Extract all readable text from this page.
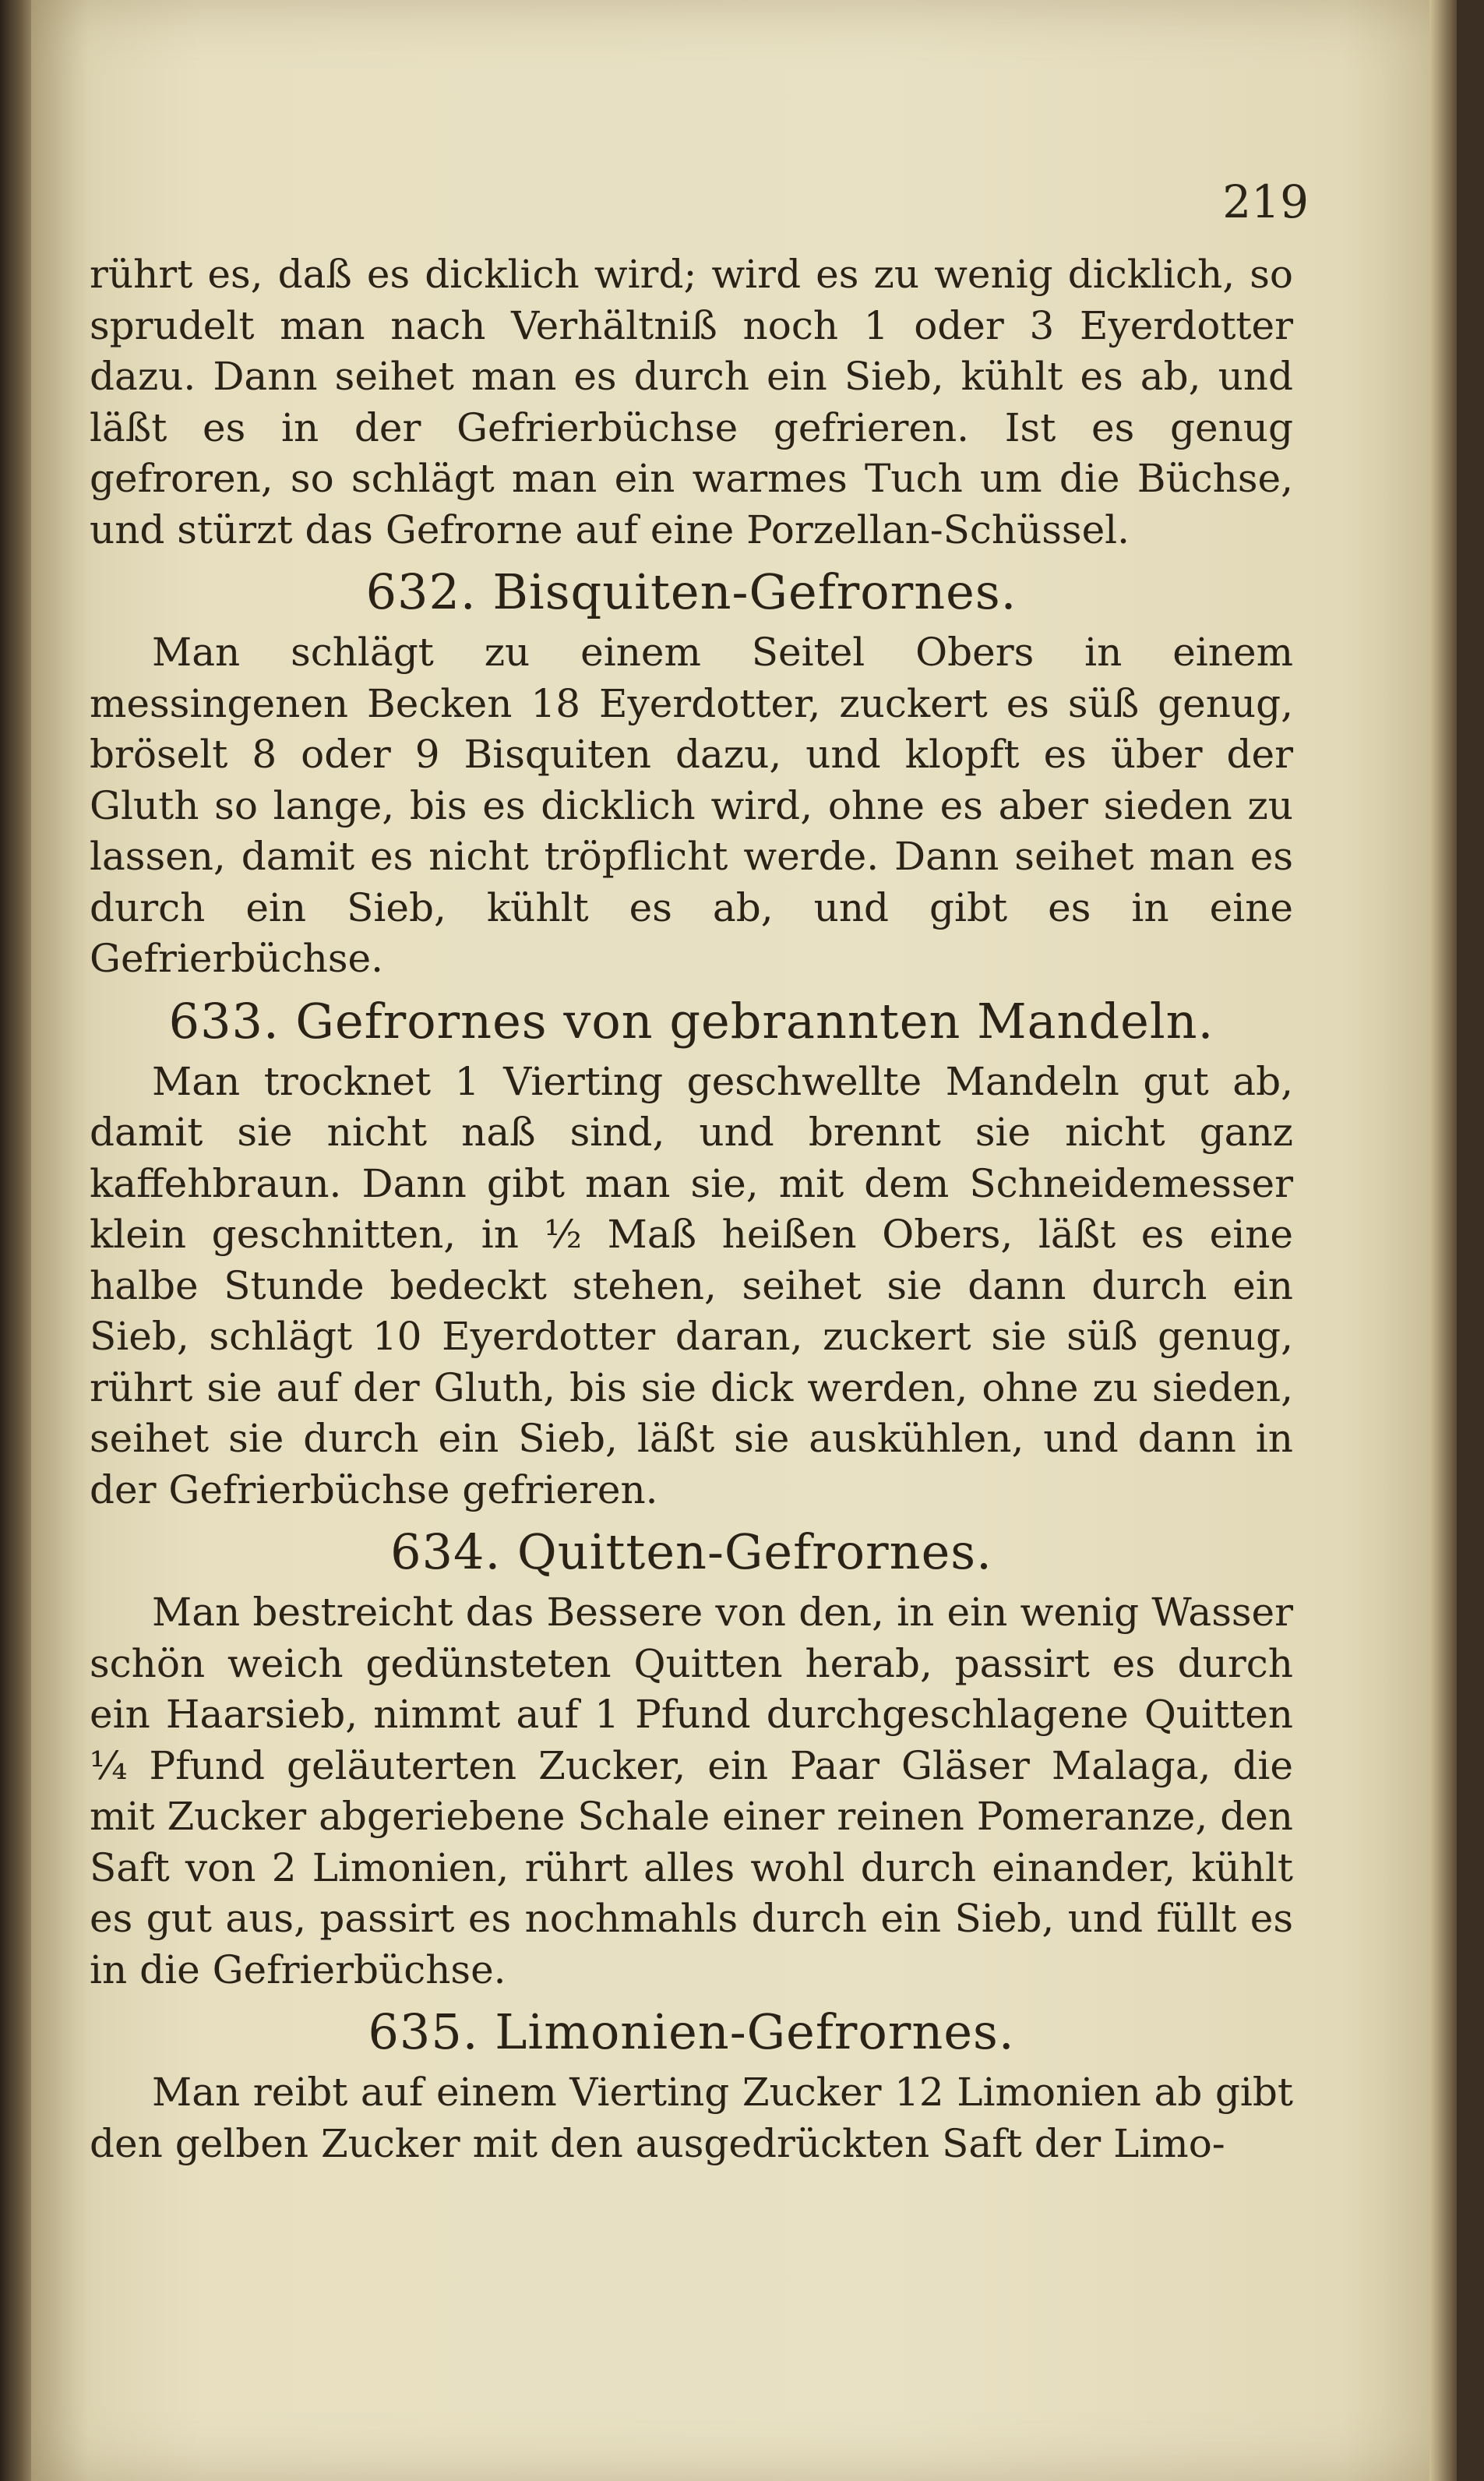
219

rührt es, daß es dicklich wird; wird es zu wenig dicklich, so sprudelt man nach Verhältniß noch 1 oder 3 Eyerdotter dazu. Dann seihet man es durch ein Sieb, kühlt es ab, und läßt es in der Gefrierbüchse gefrieren. Ist es genug gefroren, so schlägt man ein warmes Tuch um die Büchse, und stürzt das Gefrorne auf eine Porzellan-Schüssel.

632. Bisquiten-Gefrornes.

Man schlägt zu einem Seitel Obers in einem messingenen Becken 18 Eyerdotter, zuckert es süß genug, bröselt 8 oder 9 Bisquiten dazu, und klopft es über der Gluth so lange, bis es dicklich wird, ohne es aber sieden zu lassen, damit es nicht tröpflicht werde. Dann seihet man es durch ein Sieb, kühlt es ab, und gibt es in eine Gefrierbüchse.

633. Gefrornes von gebrannten Mandeln.

Man trocknet 1 Vierting geschwellte Mandeln gut ab, damit sie nicht naß sind, und brennt sie nicht ganz kaffehbraun. Dann gibt man sie, mit dem Schneidemesser klein geschnitten, in ½ Maß heißen Obers, läßt es eine halbe Stunde bedeckt stehen, seihet sie dann durch ein Sieb, schlägt 10 Eyerdotter daran, zuckert sie süß genug, rührt sie auf der Gluth, bis sie dick werden, ohne zu sieden, seihet sie durch ein Sieb, läßt sie auskühlen, und dann in der Gefrierbüchse gefrieren.

634. Quitten-Gefrornes.

Man bestreicht das Bessere von den, in ein wenig Wasser schön weich gedünsteten Quitten herab, passirt es durch ein Haarsieb, nimmt auf 1 Pfund durchgeschlagene Quitten ¼ Pfund geläuterten Zucker, ein Paar Gläser Malaga, die mit Zucker abgeriebene Schale einer reinen Pomeranze, den Saft von 2 Limonien, rührt alles wohl durch einander, kühlt es gut aus, passirt es nochmahls durch ein Sieb, und füllt es in die Gefrierbüchse.

635. Limonien-Gefrornes.

Man reibt auf einem Vierting Zucker 12 Limonien ab gibt den gelben Zucker mit den ausgedrückten Saft der Limo-
